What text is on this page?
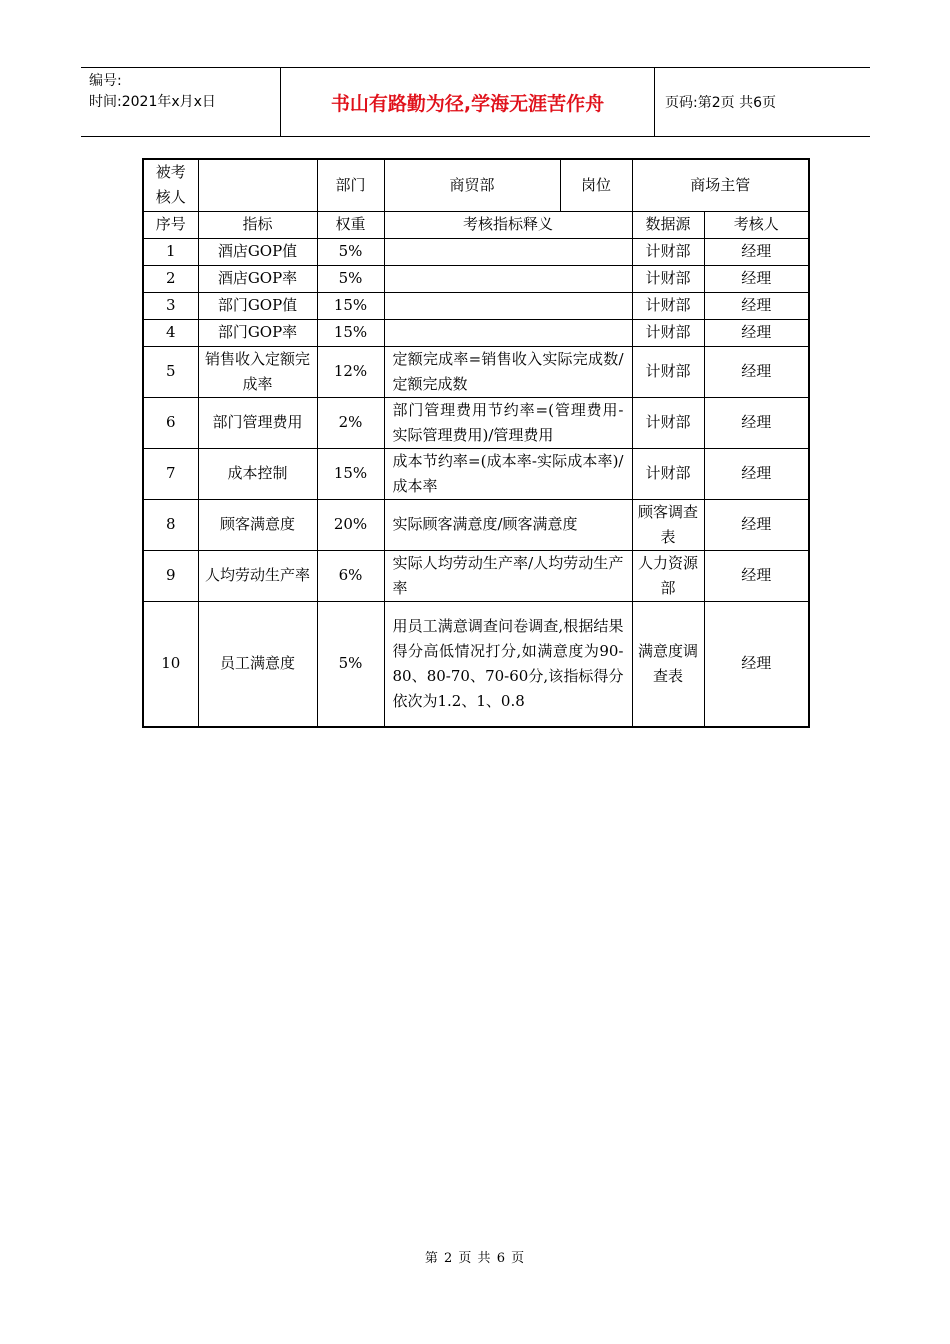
编号:
时间:2021年x月x日	书山有路勤为径,学海无涯苦作舟	页码:第2页 共6页
被考核人		部门	商贸部	岗位	商场主管	
序号	指标	权重	考核指标释义		数据源	考核人
1	酒店GOP值	5%			计财部	经理
2	酒店GOP率	5%			计财部	经理
3	部门GOP值	15%			计财部	经理
4	部门GOP率	15%			计财部	经理
5	销售收入定额完成率	12%	定额完成率=销售收入实际完成数/定额完成数		计财部	经理
6	部门管理费用	2%	部门管理费用节约率=(管理费用-实际管理费用)/管理费用		计财部	经理
7	成本控制	15%	成本节约率=(成本率-实际成本率)/成本率		计财部	经理
8	顾客满意度	20%	实际顾客满意度/顾客满意度		顾客调查表	经理
9	人均劳动生产率	6%	实际人均劳动生产率/人均劳动生产率		人力资源部	经理
10	员工满意度	5%	用员工满意调查问卷调查,根据结果得分高低情况打分,如满意度为90-80、80-70、70-60分,该指标得分依次为1.2、1、0.8		满意度调查表	经理
第 2 页 共 6 页
